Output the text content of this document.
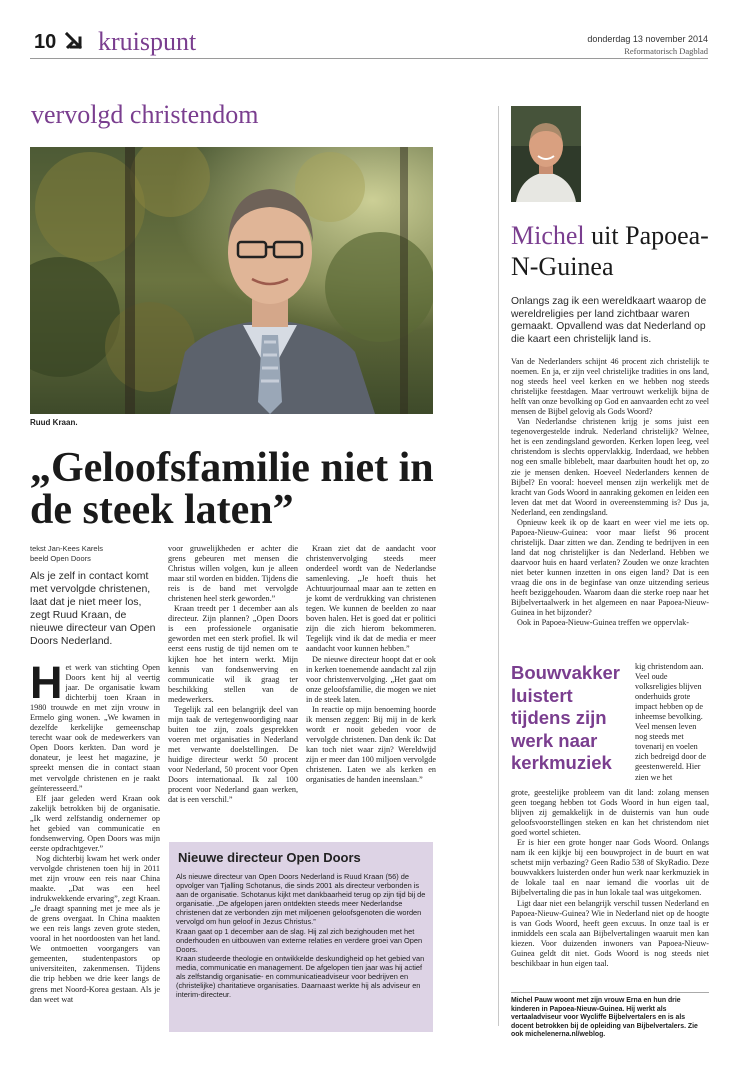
10 kruispunt	donderdag 13 november 2014
Reformatorisch Dagblad
vervolgd christendom
Ruud Kraan.
„Geloofsfamilie niet in de steek laten”
tekst Jan-Kees Karels
beeld Open Doors
Als je zelf in contact komt met vervolgde christenen, laat dat je niet meer los, zegt Ruud Kraan, de nieuwe directeur van Open Doors Nederland.
H et werk van stichting Open Doors kent hij al veertig jaar. De organisatie kwam dichterbij toen Kraan in 1980 trouwde en met zijn vrouw in Ermelo ging wonen. „We kwamen in dezelfde kerkelijke gemeenschap terecht waar ook de medewerkers van Open Doors kerkten. Dan word je donateur, je leest het magazine, je spreekt mensen die in contact staan met vervolgde christenen en je raakt geïnteresseerd.”

Elf jaar geleden werd Kraan ook zakelijk betrokken bij de organisatie. „Ik werd zelfstandig ondernemer op het gebied van communicatie en fondsenwerving. Open Doors was mijn eerste opdrachtgever.”

Nog dichterbij kwam het werk onder vervolgde christenen toen hij in 2011 met zijn vrouw een reis naar China maakte. „Dat was een heel indrukwekkende ervaring”, zegt Kraan. „Je draagt spanning met je mee als je de grens overgaat. In China maakten we een reis langs zeven grote steden, vooral in het noordoosten van het land. We ontmoetten voorgangers van gemeenten, studentenpastors op universiteiten, zakenmensen. Tijdens die trip hebben we drie keer langs de grens met Noord-Korea gestaan. Als je dan weet wat

voor gruwelijkheden er achter die grens gebeuren met mensen die Christus willen volgen, kun je alleen maar stil worden en bidden. Tijdens die reis is de band met vervolgde christenen heel sterk geworden.”

Kraan treedt per 1 december aan als directeur. Zijn plannen? „Open Doors is een professionele organisatie geworden met een sterk profiel. Ik wil eerst eens rustig de tijd nemen om te kijken hoe het intern werkt. Mijn kennis van fondsenwerving en communicatie wil ik graag ter beschikking stellen van de medewerkers.

Tegelijk zal een belangrijk deel van mijn taak de vertegenwoordiging naar buiten toe zijn, zoals gesprekken voeren met organisaties in Nederland met verwante doelstellingen. De huidige directeur werkt 50 procent voor Nederland, 50 procent voor Open Doors internationaal. Ik zal 100 procent voor Nederland gaan werken, dat is een verschil.”

Kraan ziet dat de aandacht voor christenvervolging steeds meer onderdeel wordt van de Nederlandse samenleving. „Je hoeft thuis het Achtuurjournaal maar aan te zetten en je komt de verdrukking van christenen tegen. We kunnen de beelden zo naar boven halen. Het is goed dat er politici zijn die zich hierom bekommeren. Tegelijk vind ik dat de media er meer aandacht voor kunnen hebben.”

De nieuwe directeur hoopt dat er ook in kerken toenemende aandacht zal zijn voor christenvervolging. „Het gaat om onze geloofsfamilie, die mogen we niet in de steek laten.

In reactie op mijn benoeming hoorde ik mensen zeggen: Bij mij in de kerk wordt er nooit gebeden voor de vervolgde christenen. Dan denk ik: Dat kan toch niet waar zijn? Wereldwijd zijn er meer dan 100 miljoen vervolgde christenen. Laten we als kerken en organisaties de handen ineenslaan.”

Nieuwe directeur Open Doors

Als nieuwe directeur van Open Doors Nederland is Ruud Kraan (56) de opvolger van Tjalling Schotanus, die sinds 2001 als directeur verbonden is aan de organisatie. Schotanus kijkt met dankbaarheid terug op zijn tijd bij de organisatie. „De afgelopen jaren ontdekten steeds meer Nederlandse christenen dat ze verbonden zijn met miljoenen geloofsgenoten die worden vervolgd om hun geloof in Jezus Christus.”

Kraan gaat op 1 december aan de slag. Hij zal zich bezighouden met het onderhouden en uitbouwen van externe relaties en verdere groei van Open Doors.

Kraan studeerde theologie en ontwikkelde deskundigheid op het gebied van media, communicatie en management. De afgelopen tien jaar was hij actief als zelfstandig organisatie- en communicatieadviseur voor bedrijven en (christelijke) charitatieve organisaties. Daarnaast werkte hij als adviseur en interim-directeur.

Michel uit Papoea-N-Guinea
Onlangs zag ik een wereldkaart waarop de wereldreligies per land zichtbaar waren gemaakt. Opvallend was dat Nederland op die kaart een christelijk land is.

Van de Nederlanders schijnt 46 procent zich christelijk te noemen. En ja, er zijn veel christelijke tradities in ons land, nog steeds heel veel kerken en we hebben nog steeds christelijke feestdagen. Maar vertrouwt werkelijk bijna de helft van onze bevolking op God en aanvaarden echt zo veel mensen de Bijbel gelovig als Gods Woord?

Van Nederlandse christenen krijg je soms juist een tegenovergestelde indruk. Nederland christelijk? Welnee, het is een zendingsland geworden. Kerken lopen leeg, veel christendom is slechts oppervlakkig. Inderdaad, we hebben nog een smalle biblebelt, maar daarbuiten houdt het op, zo zie je mensen denken. Hoeveel Nederlanders kennen de Bijbel? En vooral: hoeveel mensen zijn werkelijk met de kracht van Gods Woord in aanraking gekomen en leiden een leven dat met dat Woord in overeenstemming is? Dus ja, Nederland, een zendingsland.

Opnieuw keek ik op de kaart en weer viel me iets op. Papoea-Nieuw-Guinea: voor maar liefst 96 procent christelijk. Daar zitten we dan. Zending te bedrijven in een land dat nog christelijker is dan Nederland. Hebben we daarvoor huis en haard verlaten? Zouden we onze krachten niet beter kunnen inzetten in ons eigen land? Dat is een vraag die ons in de beginfase van onze uitzending serieus heeft beziggehouden. Waarom daan die sterke roep naar het Bijbelvertaalwerk in het algemeen en naar Papoea-Nieuw-Guinea in het bijzonder?

Ook in Papoea-Nieuw-Guinea treffen we oppervlak-

Bouwvakker luistert tijdens zijn werk naar kerkmuziek
kig christendom aan. Veel oude volksreligies blijven onderhuids grote impact hebben op de inheemse bevolking. Veel mensen leven nog steeds met tovenarij en voelen zich bedreigd door de geestenwereld. Hier zien we het

grote, geestelijke probleem van dit land: zolang mensen geen toegang hebben tot Gods Woord in hun eigen taal, blijven zij gemakkelijk in de duisternis van hun oude geloofsvoorstellingen steken en kan het christendom niet goed wortel schieten.

Er is hier een grote honger naar Gods Woord. Onlangs nam ik een kijkje bij een bouwproject in de buurt en wat schetst mijn verbazing? Geen Radio 538 of SkyRadio. Deze bouwvakkers luisterden onder hun werk naar kerkmuziek in de lokale taal en naar iemand die voorlas uit de Bijbelvertaling die pas in hun lokale taal was uitgekomen.

Ligt daar niet een belangrijk verschil tussen Nederland en Papoea-Nieuw-Guinea? Wie in Nederland niet op de hoogte is van Gods Woord, heeft geen excuus. In onze taal is er inmiddels een scala aan Bijbelvertalingen waaruit men kan kiezen. Voor duizenden inwoners van Papoea-Nieuw-Guinea geldt dit niet. Gods Woord is nog steeds niet beschikbaar in hun eigen taal.

Michel Pauw woont met zijn vrouw Erna en hun drie kinderen in Papoea-Nieuw-Guinea. Hij werkt als vertaaladviseur voor Wycliffe Bijbelvertalers en is als docent betrokken bij de opleiding van Bijbelvertalers. Zie ook michelenerna.nl/weblog.
